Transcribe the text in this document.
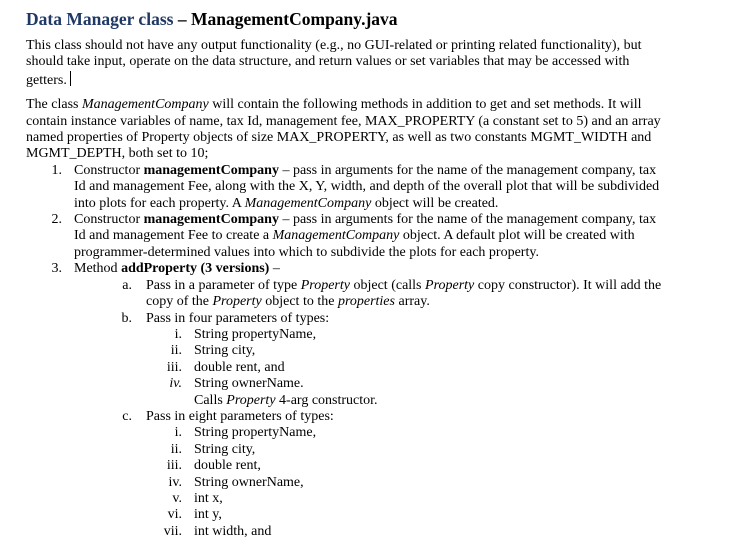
Data Manager class – ManagementCompany.java

This class should not have any output functionality (e.g., no GUI-related or printing related functionality), but
should take input, operate on the data structure, and return values or set variables that may be accessed with
getters.

The class ManagementCompany will contain the following methods in addition to get and set methods. It will
contain instance variables of name, tax Id, management fee, MAX_PROPERTY (a constant set to 5) and an array
named properties of Property objects of size MAX_PROPERTY, as well as two constants MGMT_WIDTH and
MGMT_DEPTH, both set to 10;

1. Constructor managementCompany – pass in arguments for the name of the management company, tax
Id and management Fee, along with the X, Y, width, and depth of the overall plot that will be subdivided
into plots for each property. A ManagementCompany object will be created.
2. Constructor managementCompany – pass in arguments for the name of the management company, tax
Id and management Fee to create a ManagementCompany object. A default plot will be created with
programmer-determined values into which to subdivide the plots for each property.
3. Method addProperty (3 versions) –
a. Pass in a parameter of type Property object (calls Property copy constructor). It will add the
copy of the Property object to the properties array.
b. Pass in four parameters of types:
i. String propertyName,
ii. String city,
iii. double rent, and
iv. String ownerName.
Calls Property 4-arg constructor.
c. Pass in eight parameters of types:
i. String propertyName,
ii. String city,
iii. double rent,
iv. String ownerName,
v. int x,
vi. int y,
vii. int width, and
